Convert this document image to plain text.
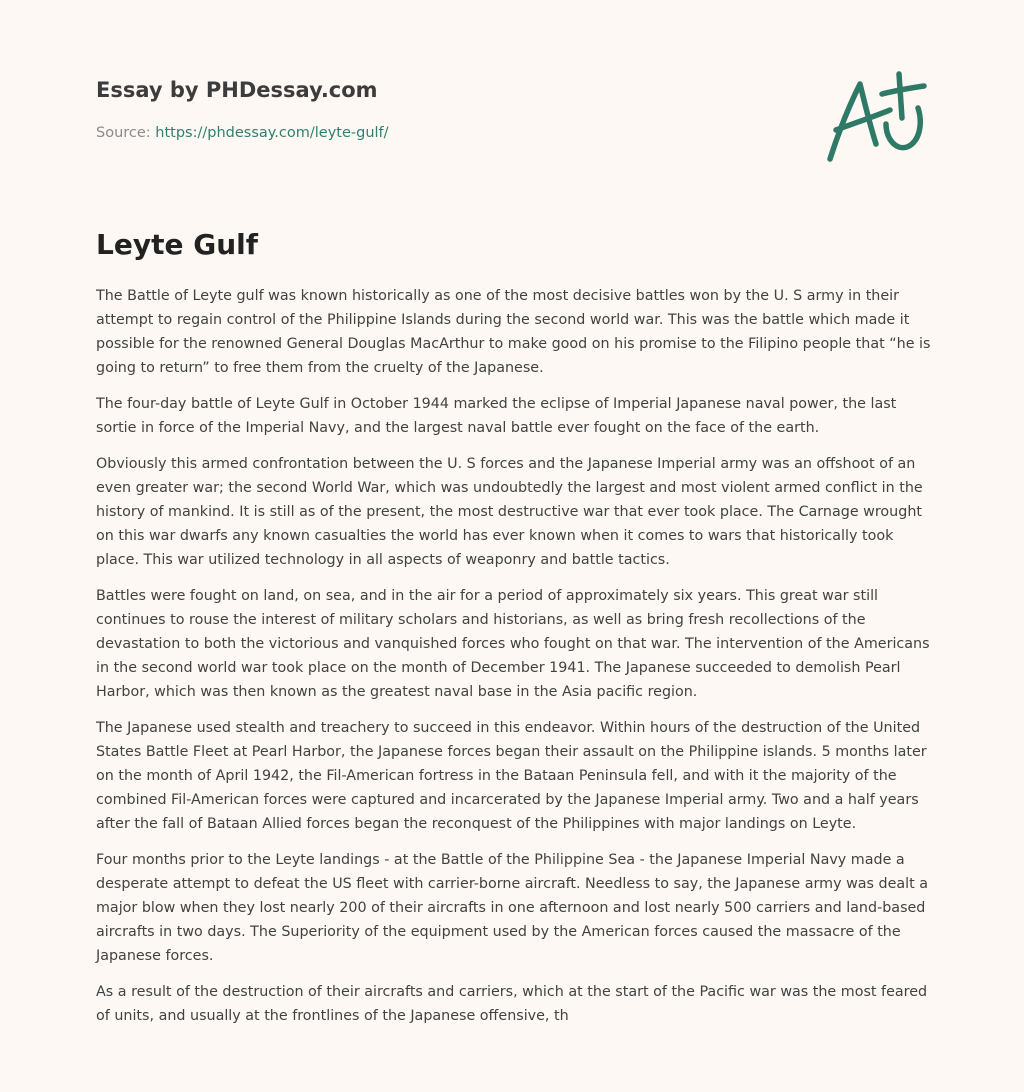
Essay by PHDessay.com
Source: https://phdessay.com/leyte-gulf/
Leyte Gulf

The Battle of Leyte gulf was known historically as one of the most decisive battles won by the U. S army in their attempt to regain control of the Philippine Islands during the second world war. This was the battle which made it possible for the renowned General Douglas MacArthur to make good on his promise to the Filipino people that “he is going to return” to free them from the cruelty of the Japanese.

The four-day battle of Leyte Gulf in October 1944 marked the eclipse of Imperial Japanese naval power, the last sortie in force of the Imperial Navy, and the largest naval battle ever fought on the face of the earth.

Obviously this armed confrontation between the U. S forces and the Japanese Imperial army was an offshoot of an even greater war; the second World War, which was undoubtedly the largest and most violent armed conflict in the history of mankind. It is still as of the present, the most destructive war that ever took place. The Carnage wrought on this war dwarfs any known casualties the world has ever known when it comes to wars that historically took place. This war utilized technology in all aspects of weaponry and battle tactics.

Battles were fought on land, on sea, and in the air for a period of approximately six years. This great war still continues to rouse the interest of military scholars and historians, as well as bring fresh recollections of the devastation to both the victorious and vanquished forces who fought on that war. The intervention of the Americans in the second world war took place on the month of December 1941. The Japanese succeeded to demolish Pearl Harbor, which was then known as the greatest naval base in the Asia pacific region.

The Japanese used stealth and treachery to succeed in this endeavor. Within hours of the destruction of the United States Battle Fleet at Pearl Harbor, the Japanese forces began their assault on the Philippine islands. 5 months later on the month of April 1942, the Fil-American fortress in the Bataan Peninsula fell, and with it the majority of the combined Fil-American forces were captured and incarcerated by the Japanese Imperial army. Two and a half years after the fall of Bataan Allied forces began the reconquest of the Philippines with major landings on Leyte.

Four months prior to the Leyte landings - at the Battle of the Philippine Sea - the Japanese Imperial Navy made a desperate attempt to defeat the US fleet with carrier-borne aircraft. Needless to say, the Japanese army was dealt a major blow when they lost nearly 200 of their aircrafts in one afternoon and lost nearly 500 carriers and land-based aircrafts in two days. The Superiority of the equipment used by the American forces caused the massacre of the Japanese forces.

As a result of the destruction of their aircrafts and carriers, which at the start of the Pacific war was the most feared of units, and usually at the frontlines of the Japanese offensive, th
